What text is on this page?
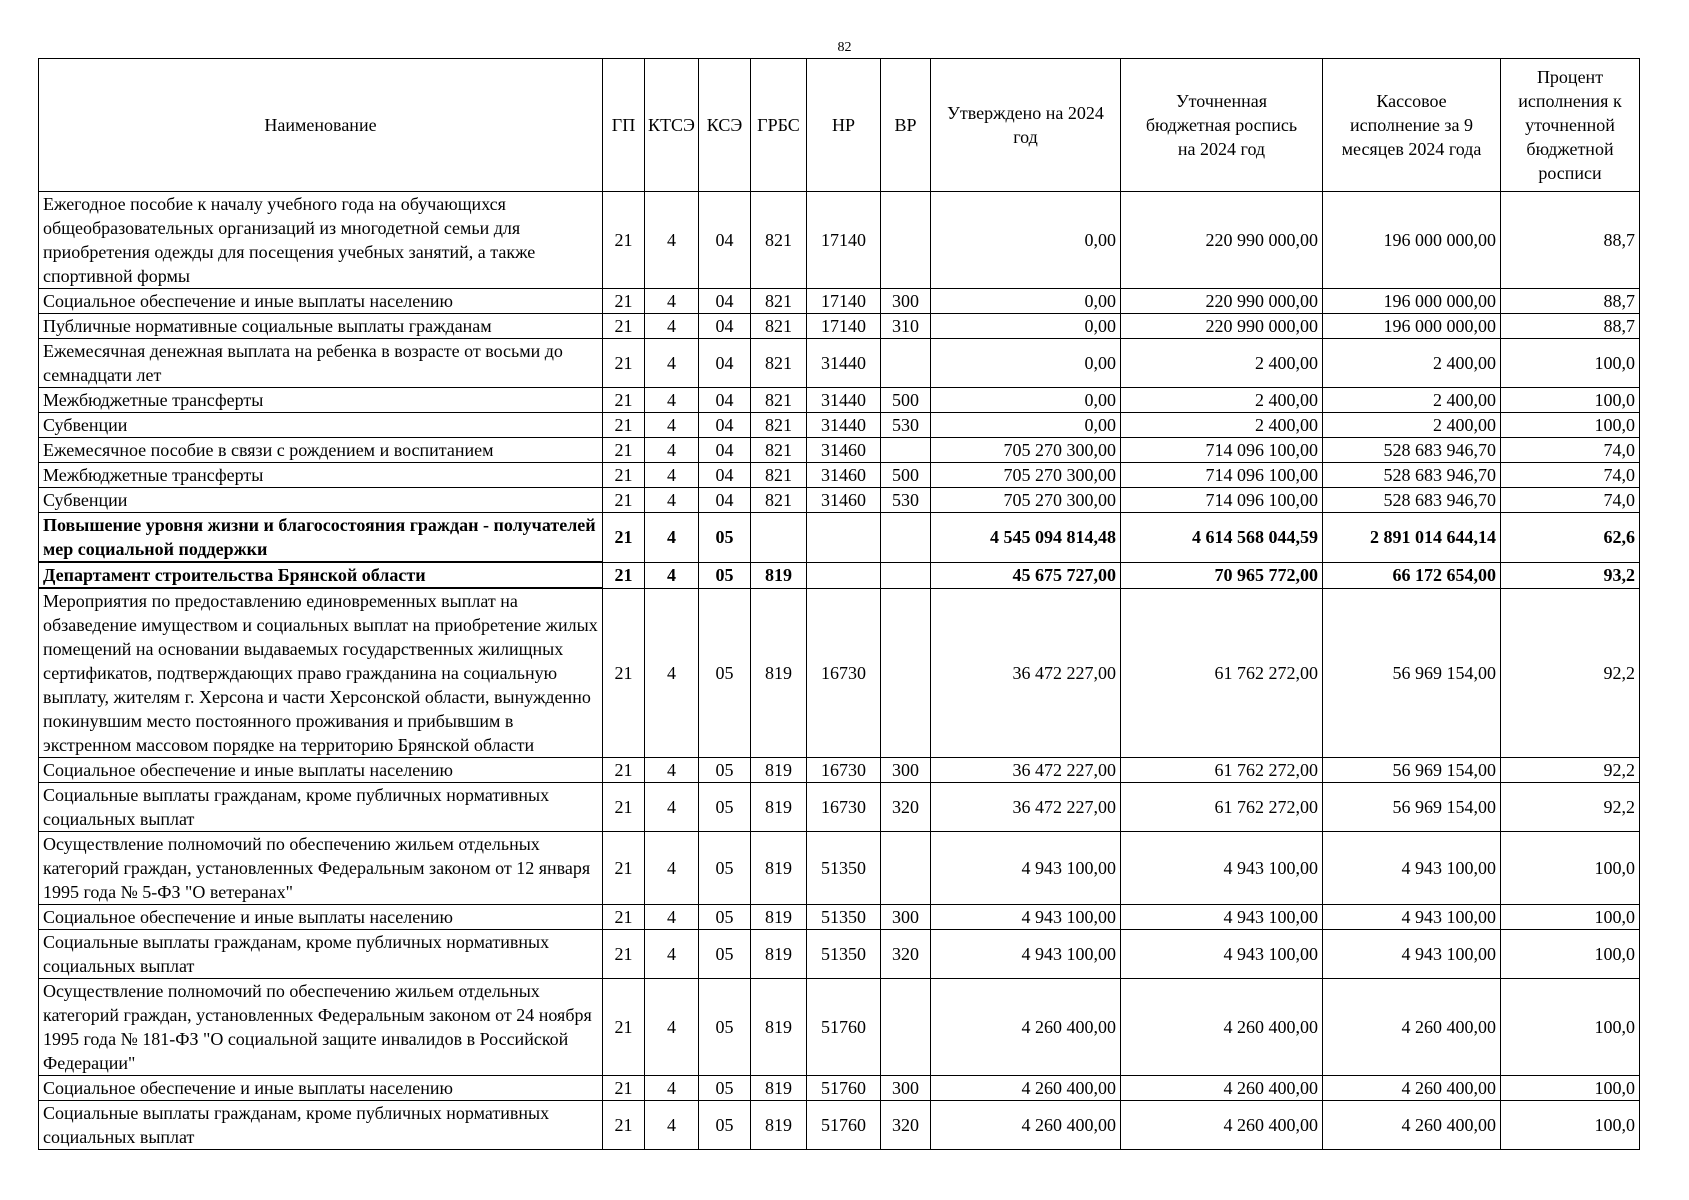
82
Наименование	ГП	КТСЭ	КСЭ	ГРБС	НР	ВР	Утверждено на 2024 год	Уточненная бюджетная роспись на 2024 год	Кассовое исполнение за 9 месяцев 2024 года	Процент исполнения к уточненной бюджетной росписи
Ежегодное пособие к началу учебного года на обучающихся общеобразовательных организаций из многодетной семьи для приобретения одежды для посещения учебных занятий, а также спортивной формы	21	4	04	821	17140		0,00	220 990 000,00	196 000 000,00	88,7
Социальное обеспечение и иные выплаты населению	21	4	04	821	17140	300	0,00	220 990 000,00	196 000 000,00	88,7
Публичные нормативные социальные выплаты гражданам	21	4	04	821	17140	310	0,00	220 990 000,00	196 000 000,00	88,7
Ежемесячная денежная выплата на ребенка в возрасте от восьми до семнадцати лет	21	4	04	821	31440		0,00	2 400,00	2 400,00	100,0
Межбюджетные трансферты	21	4	04	821	31440	500	0,00	2 400,00	2 400,00	100,0
Субвенции	21	4	04	821	31440	530	0,00	2 400,00	2 400,00	100,0
Ежемесячное пособие в связи с рождением и воспитанием	21	4	04	821	31460		705 270 300,00	714 096 100,00	528 683 946,70	74,0
Межбюджетные трансферты	21	4	04	821	31460	500	705 270 300,00	714 096 100,00	528 683 946,70	74,0
Субвенции	21	4	04	821	31460	530	705 270 300,00	714 096 100,00	528 683 946,70	74,0
Повышение уровня жизни и благосостояния граждан - получателей мер социальной поддержки	21	4	05				4 545 094 814,48	4 614 568 044,59	2 891 014 644,14	62,6
Департамент строительства Брянской области	21	4	05	819			45 675 727,00	70 965 772,00	66 172 654,00	93,2
Мероприятия по предоставлению единовременных выплат на обзаведение имуществом и социальных выплат на приобретение жилых помещений на основании выдаваемых государственных жилищных сертификатов, подтверждающих право гражданина на социальную выплату, жителям г. Херсона и части Херсонской области, вынужденно покинувшим место постоянного проживания и прибывшим в экстренном массовом порядке на территорию Брянской области	21	4	05	819	16730		36 472 227,00	61 762 272,00	56 969 154,00	92,2
Социальное обеспечение и иные выплаты населению	21	4	05	819	16730	300	36 472 227,00	61 762 272,00	56 969 154,00	92,2
Социальные выплаты гражданам, кроме публичных нормативных социальных выплат	21	4	05	819	16730	320	36 472 227,00	61 762 272,00	56 969 154,00	92,2
Осуществление полномочий по обеспечению жильем отдельных категорий граждан, установленных Федеральным законом от 12 января 1995 года № 5-ФЗ "О ветеранах"	21	4	05	819	51350		4 943 100,00	4 943 100,00	4 943 100,00	100,0
Социальное обеспечение и иные выплаты населению	21	4	05	819	51350	300	4 943 100,00	4 943 100,00	4 943 100,00	100,0
Социальные выплаты гражданам, кроме публичных нормативных социальных выплат	21	4	05	819	51350	320	4 943 100,00	4 943 100,00	4 943 100,00	100,0
Осуществление полномочий по обеспечению жильем отдельных категорий граждан, установленных Федеральным законом от 24 ноября 1995 года № 181-ФЗ "О социальной защите инвалидов в Российской Федерации"	21	4	05	819	51760		4 260 400,00	4 260 400,00	4 260 400,00	100,0
Социальное обеспечение и иные выплаты населению	21	4	05	819	51760	300	4 260 400,00	4 260 400,00	4 260 400,00	100,0
Социальные выплаты гражданам, кроме публичных нормативных социальных выплат	21	4	05	819	51760	320	4 260 400,00	4 260 400,00	4 260 400,00	100,0
